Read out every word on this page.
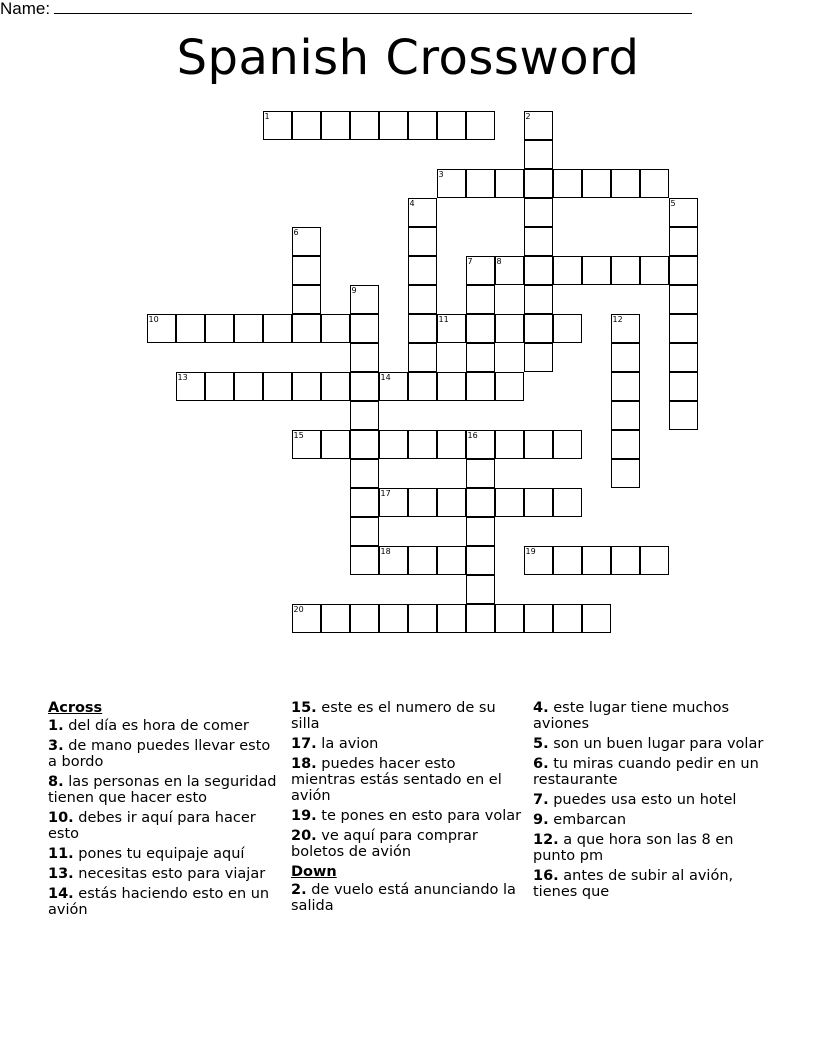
Name:
Spanish Crossword
1
3
8
10	11
13	14
15	16
17
18	19
20
2
4	5
6
7
9
12
Across
1. del día es hora de comer
3. de mano puedes llevar esto a bordo
8. las personas en la seguridad tienen que hacer esto
10. debes ir aquí para hacer esto
11. pones tu equipaje aquí
13. necesitas esto para viajar
14. estás haciendo esto en un avión
15. este es el numero de su silla
17. la avion
18. puedes hacer esto mientras estás sentado en el avión
19. te pones en esto para volar
20. ve aquí para comprar boletos de avión
Down
2. de vuelo está anunciando la salida
4. este lugar tiene muchos aviones
5. son un buen lugar para volar
6. tu miras cuando pedir en un restaurante
7. puedes usa esto un hotel
9. embarcan
12. a que hora son las 8 en punto pm
16. antes de subir al avión, tienes que
